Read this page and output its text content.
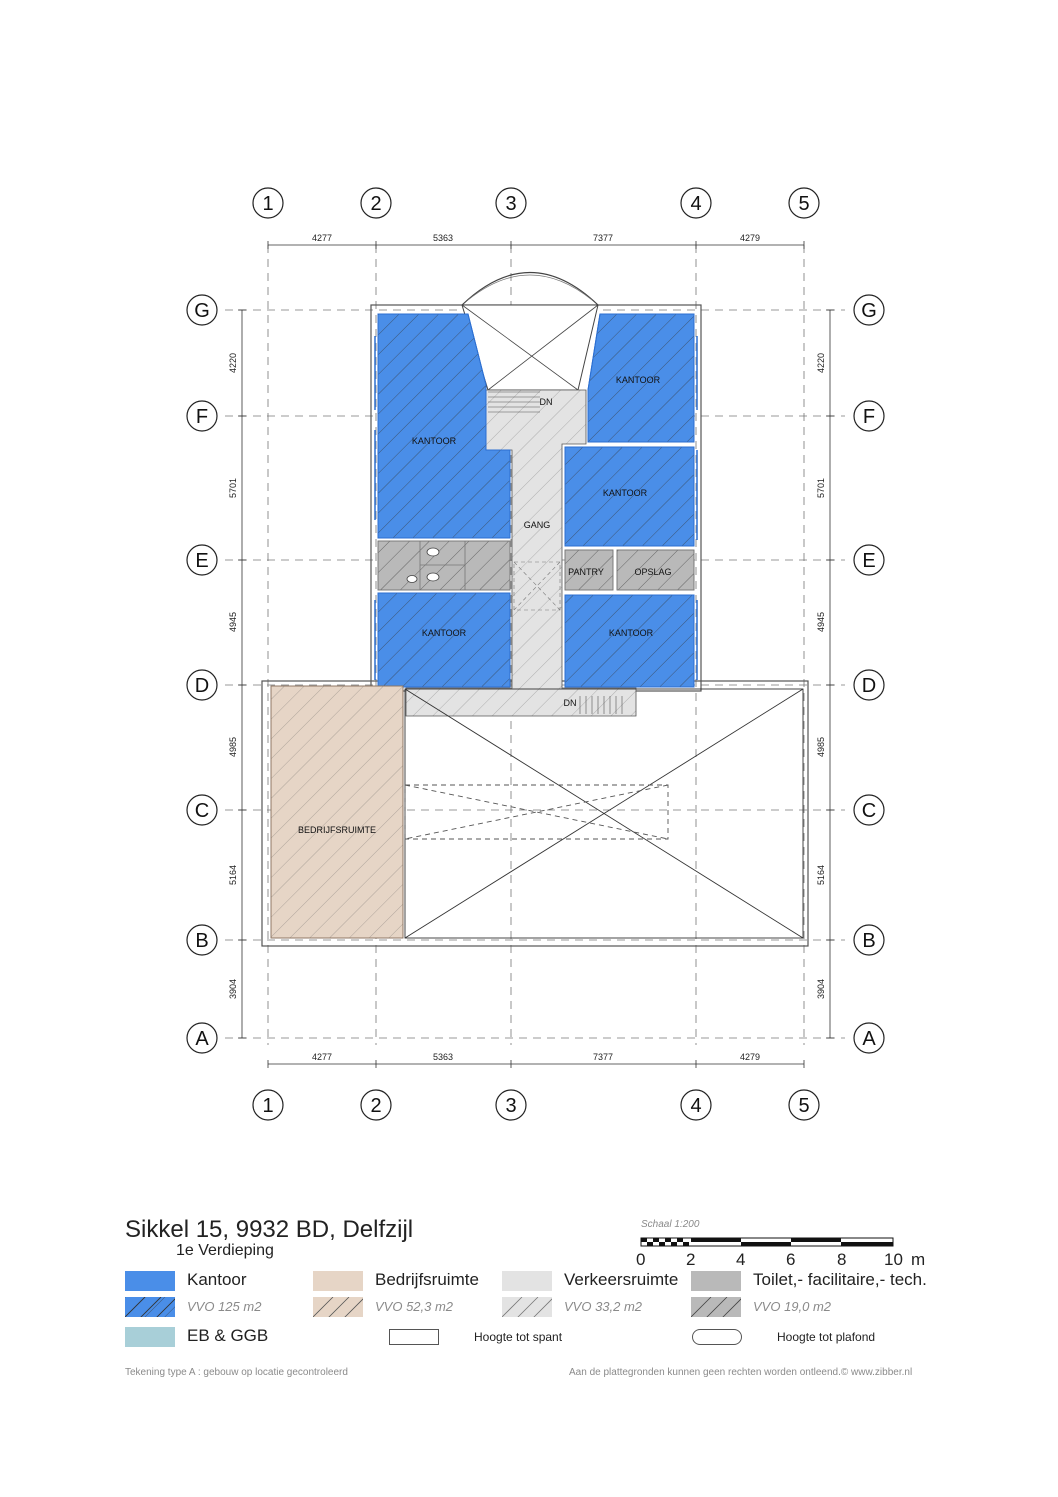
4277	5363	7377	4279
4277	5363	7377	4279
4220
5701
4945
4985
5164
3904
4220
5701
4945
4985
5164
3904
1	2	3	4	5
1	2	3	4	5
G
F
E
D
C
B
A
G
F
E
D
C
B
A
KANTOOR
KANTOOR
KANTOOR
KANTOOR	KANTOOR
GANG
PANTRY	OPSLAG
BEDRIJFSRUIMTE
DN
DN
Sikkel 15, 9932 BD, Delfzijl
1e Verdieping
Schaal 1:200
0 2 4 6 8 10 m
Kantoor	Bedrijfsruimte	Verkeersruimte	Toilet,- facilitaire,- tech.
VVO 125 m2	VVO 52,3 m2	VVO 33,2 m2	VVO 19,0 m2
EB & GGB	Hoogte tot spant	Hoogte tot plafond
Tekening type A : gebouw op locatie gecontroleerd	Aan de plattegronden kunnen geen rechten worden ontleend.© www.zibber.nl
